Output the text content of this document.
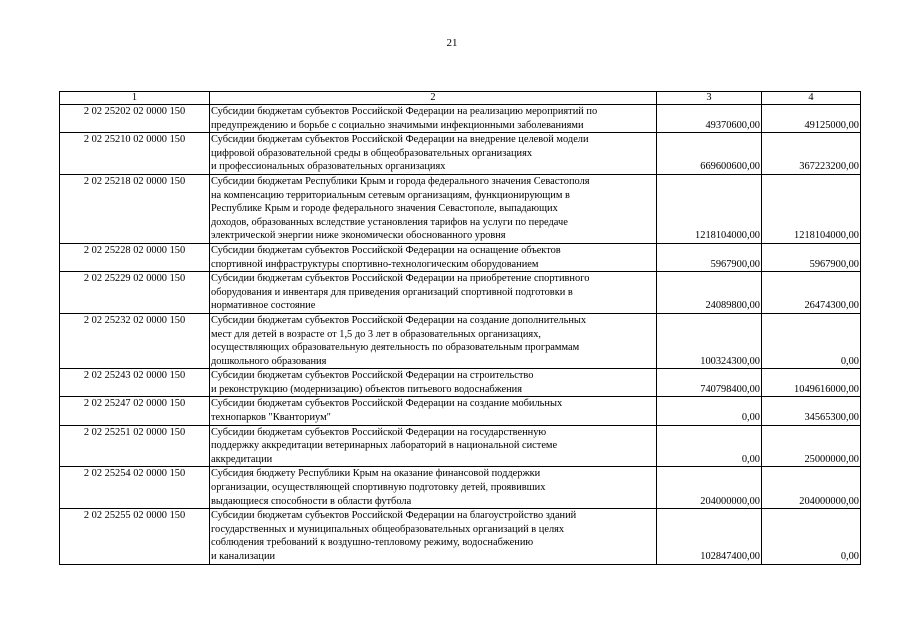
21
1	2	3	4
2 02 25202 02 0000 150	Субсидии бюджетам субъектов Российской Федерации на реализацию мероприятий по
предупреждению и борьбе с социально значимыми инфекционными заболеваниями	49370600,00	49125000,00
2 02 25210 02 0000 150	Субсидии бюджетам субъектов Российской Федерации на внедрение целевой модели
цифровой образовательной среды в общеобразовательных организациях
и профессиональных образовательных организациях	669600600,00	367223200,00
2 02 25218 02 0000 150	Субсидии бюджетам Республики Крым и города федерального значения Севастополя
на компенсацию территориальным сетевым организациям, функционирующим в
Республике Крым и городе федерального значения Севастополе, выпадающих
доходов, образованных вследствие установления тарифов на услуги по передаче
электрической энергии ниже экономически обоснованного уровня	1218104000,00	1218104000,00
2 02 25228 02 0000 150	Субсидии бюджетам субъектов Российской Федерации на оснащение объектов
спортивной инфраструктуры спортивно-технологическим оборудованием	5967900,00	5967900,00
2 02 25229 02 0000 150	Субсидии бюджетам субъектов Российской Федерации на приобретение спортивного
оборудования и инвентаря для приведения организаций спортивной подготовки в
нормативное состояние	24089800,00	26474300,00
2 02 25232 02 0000 150	Субсидии бюджетам субъектов Российской Федерации на создание дополнительных
мест для детей в возрасте от 1,5 до 3 лет в образовательных организациях,
осуществляющих образовательную деятельность по образовательным программам
дошкольного образования	100324300,00	0,00
2 02 25243 02 0000 150	Субсидии бюджетам субъектов Российской Федерации на строительство
и реконструкцию (модернизацию) объектов питьевого водоснабжения	740798400,00	1049616000,00
2 02 25247 02 0000 150	Субсидии бюджетам субъектов Российской Федерации на создание мобильных
технопарков "Кванториум"	0,00	34565300,00
2 02 25251 02 0000 150	Субсидии бюджетам субъектов Российской Федерации на государственную
поддержку аккредитации ветеринарных лабораторий в национальной системе
аккредитации	0,00	25000000,00
2 02 25254 02 0000 150	Субсидия бюджету Республики Крым на оказание финансовой поддержки
организации, осуществляющей спортивную подготовку детей, проявивших
выдающиеся способности в области футбола	204000000,00	204000000,00
2 02 25255 02 0000 150	Субсидии бюджетам субъектов Российской Федерации на благоустройство зданий
государственных и муниципальных общеобразовательных организаций в целях
соблюдения требований к воздушно-тепловому режиму, водоснабжению
и канализации	102847400,00	0,00
